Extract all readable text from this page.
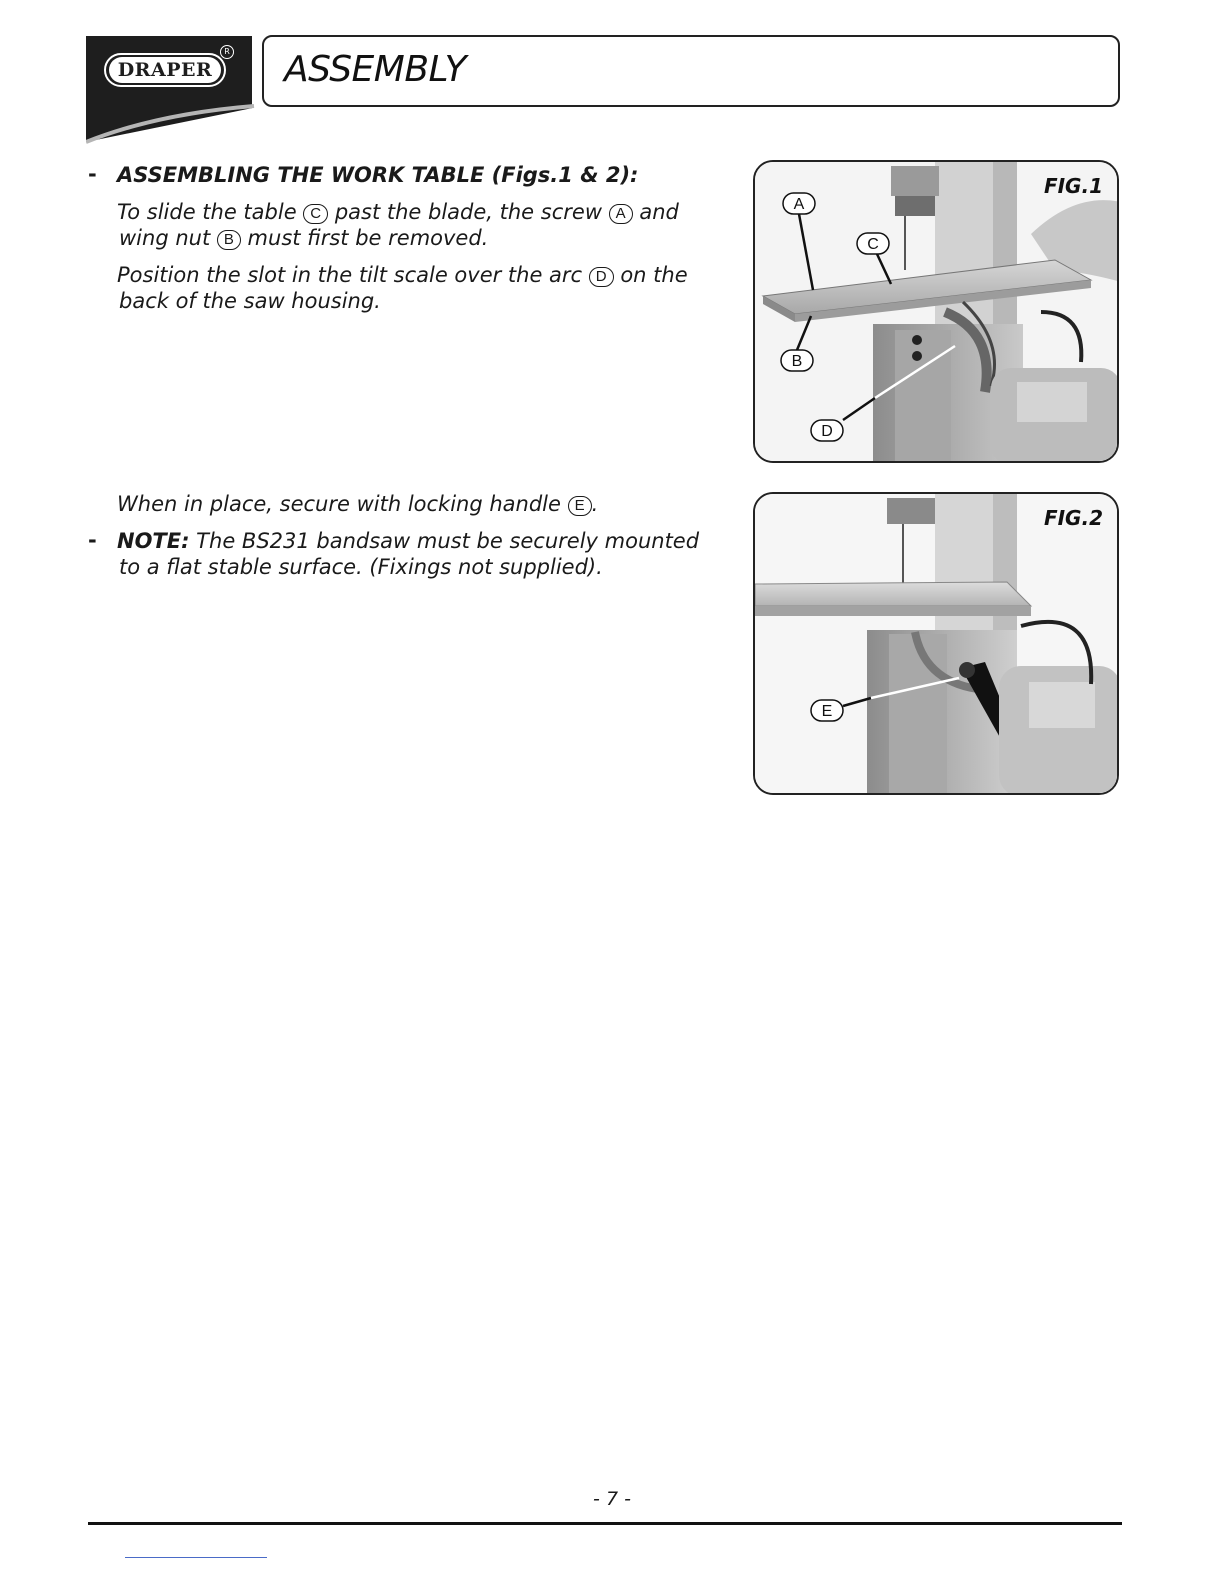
DRAPER
R ASSEMBLY
- ASSEMBLING THE WORK TABLE (Figs.1 & 2):
To slide the table C past the blade, the screw A and
wing nut B must first be removed.
Position the slot in the tilt scale over the arc D on the
back of the saw housing.
When in place, secure with locking handle E .
- NOTE: The BS231 bandsaw must be securely mounted
to a flat stable surface. (Fixings not supplied).
A
C
B
D
FIG.1
E
FIG.2
- 7 -
